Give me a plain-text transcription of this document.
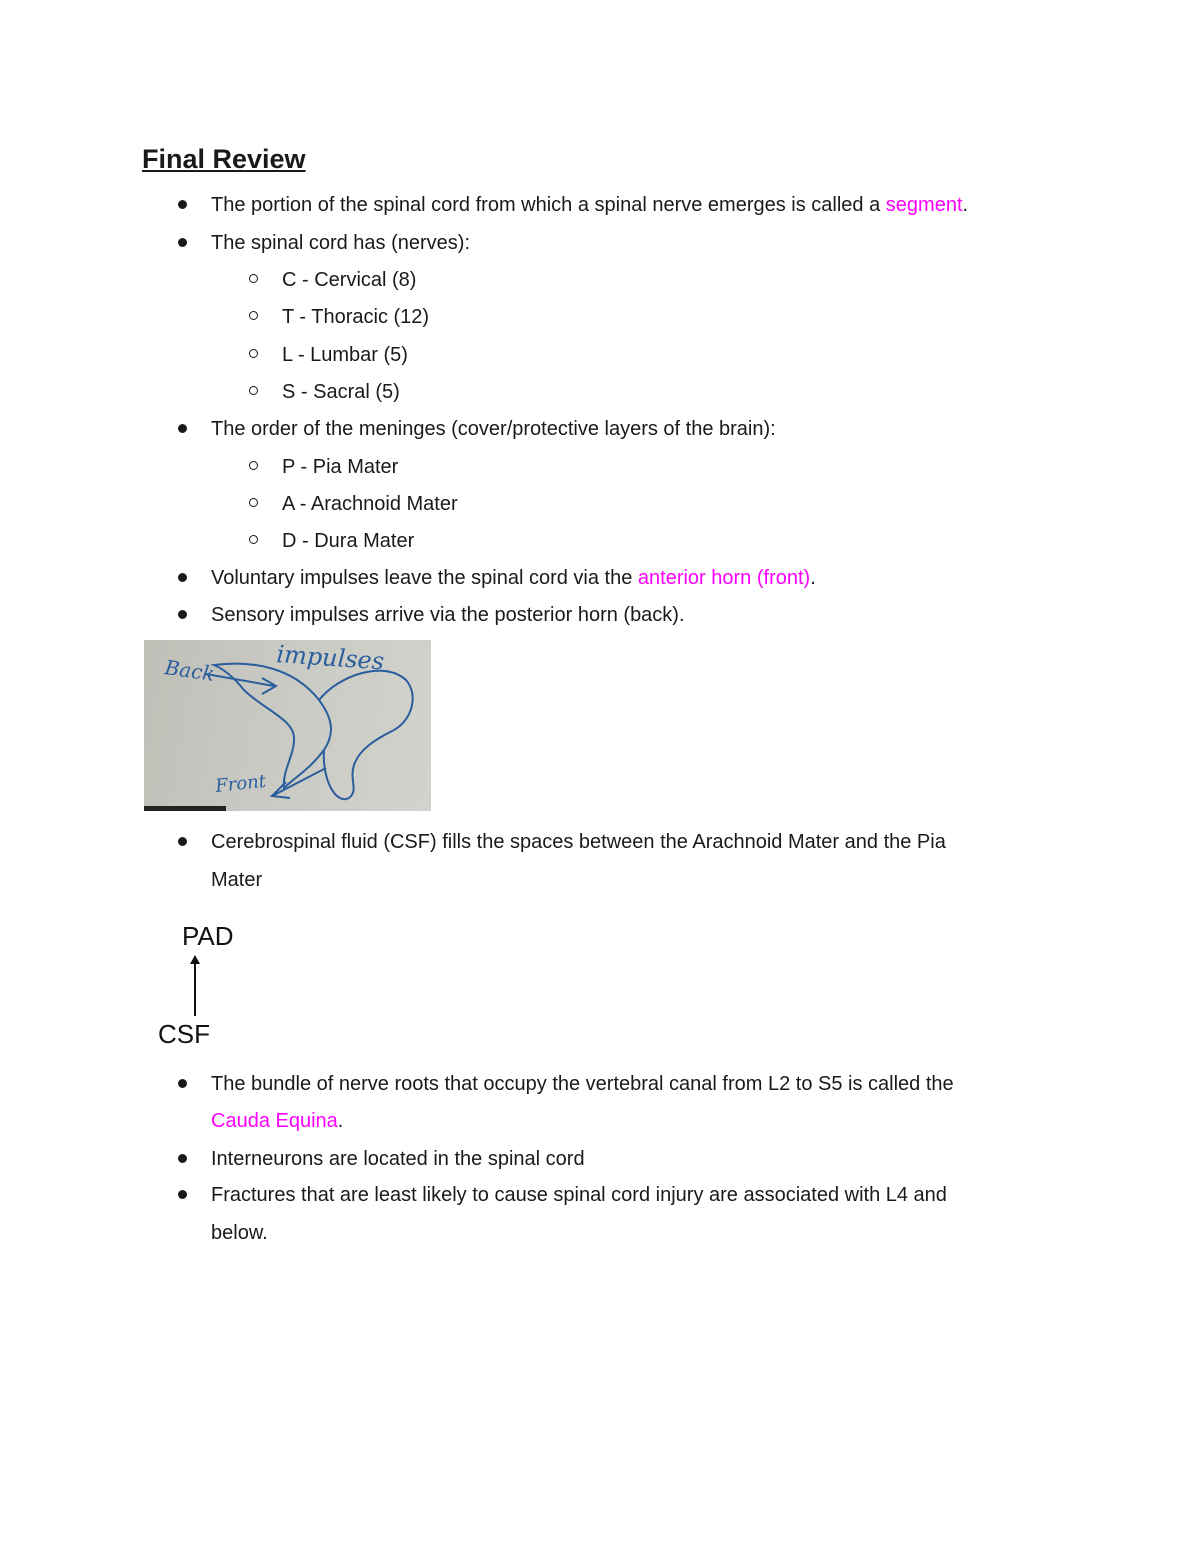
Final Review
The portion of the spinal cord from which a spinal nerve emerges is called a segment.
The spinal cord has (nerves):
C - Cervical (8)
T - Thoracic (12)
L - Lumbar (5)
S - Sacral (5)
The order of the meninges (cover/protective layers of the brain):
P - Pia Mater
A - Arachnoid Mater
D - Dura Mater
Voluntary impulses leave the spinal cord via the anterior horn (front).
Sensory impulses arrive via the posterior horn (back).
impulses
Back
Front
Cerebrospinal fluid (CSF) fills the spaces between the Arachnoid Mater and the Pia
Mater
PAD
CSF
The bundle of nerve roots that occupy the vertebral canal from L2 to S5 is called the
Cauda Equina.
Interneurons are located in the spinal cord
Fractures that are least likely to cause spinal cord injury are associated with L4 and
below.
